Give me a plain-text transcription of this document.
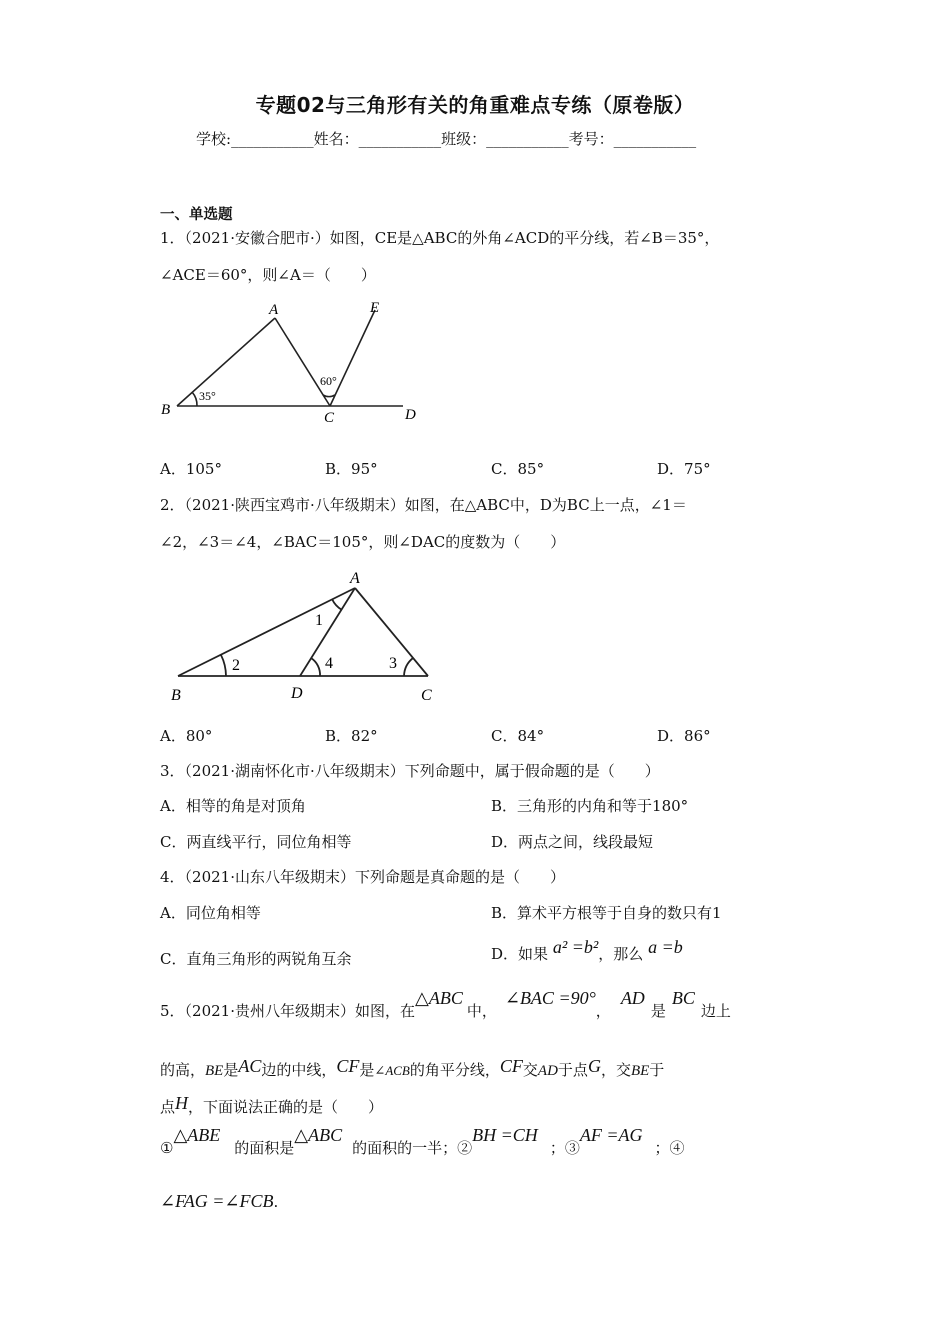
专题02与三角形有关的角重难点专练（原卷版）
学校:___________姓名：___________班级：___________考号：___________
一、单选题
1．（2021·安徽合肥市·）如图，CE是△ABC的外角∠ACD的平分线，若∠B＝35°，
∠ACE＝60°，则∠A＝（　　）
A	E
B	C	D
35°
60°
A．105°	B．95°	C．85°	D．75°
2．（2021·陕西宝鸡市·八年级期末）如图，在△ABC中，D为BC上一点，∠1＝
∠2，∠3＝∠4，∠BAC＝105°，则∠DAC的度数为（　　）
A
B	D	C
1
2	3
4
A．80°	B．82°	C．84°	D．86°
3．（2021·湖南怀化市·八年级期末）下列命题中，属于假命题的是（　　）
A．相等的角是对顶角	B．三角形的内角和等于180°
C．两直线平行，同位角相等	D．两点之间，线段最短
4．（2021·山东八年级期末）下列命题是真命题的是（　　）
A．同位角相等	B．算术平方根等于自身的数只有1
C．直角三角形的两锐角互余	D．如果 a² =b²，那么 a =b
5．（2021·贵州八年级期末）如图，在△ABC中，∠BAC =90°，AD是BC边上
的高，BE是AC边的中线，CF是∠ACB的角平分线，CF交AD于点G，交BE于
点H，下面说法正确的是（　　）
①△ABE的面积是△ABC的面积的一半；②BH =CH；③AF =AG；④
∠FAG =∠FCB.
